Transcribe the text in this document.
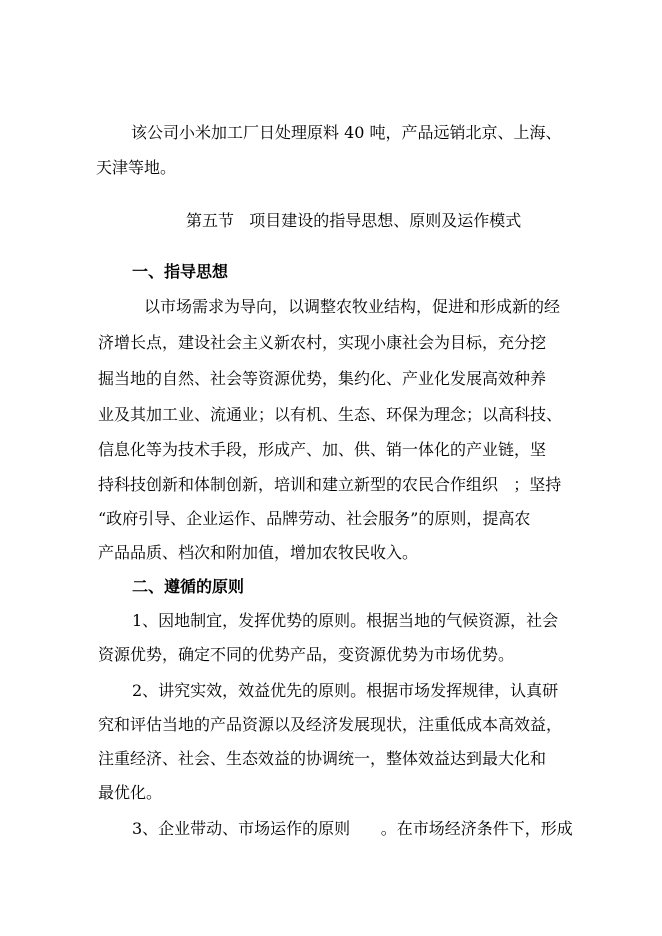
该公司小米加工厂日处理原料 40 吨，产品远销北京、上海、
天津等地。
第五节   项目建设的指导思想、原则及运作模式
一、指导思想
以市场需求为导向，以调整农牧业结构，促进和形成新的经
济增长点，建设社会主义新农村，实现小康社会为目标，充分挖
掘当地的自然、社会等资源优势，集约化、产业化发展高效种养
业及其加工业、流通业；以有机、生态、环保为理念；以高科技、
信息化等为技术手段，形成产、加、供、销一体化的产业链，坚
持科技创新和体制创新，培训和建立新型的农民合作组织   ；坚持
“政府引导、企业运作、品牌劳动、社会服务”的原则，提高农
产品品质、档次和附加值，增加农牧民收入。
二、遵循的原则
1、因地制宜，发挥优势的原则。根据当地的气候资源，社会
资源优势，确定不同的优势产品，变资源优势为市场优势。
2、讲究实效，效益优先的原则。根据市场发挥规律，认真研
究和评估当地的产品资源以及经济发展现状，注重低成本高效益，
注重经济、社会、生态效益的协调统一，整体效益达到最大化和
最优化。
3、企业带动、市场运作的原则      。在市场经济条件下，形成
